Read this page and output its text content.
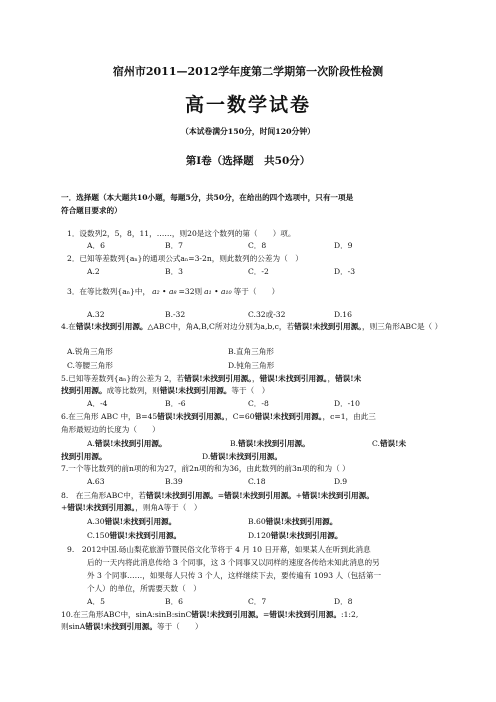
宿州市2011—2012学年度第二学期第一次阶段性检测
高一数学试卷
（本试卷满分150分，时间120分钟）
第Ⅰ卷（选择题　共50分）
一．选择题（本大题共10小题，每题5分，共50分，在给出的四个选项中，只有一项是
符合题目要求的）
1．设数列2，5，8，11，……，则20是这个数列的第（　　）项。
A．6	B．7	C．8	D．9
2．已知等差数列{aₙ}的通项公式aₙ=3-2n，则此数列的公差为（　）
A.2	B．3	C．-2	D．-3
3．在等比数列{aₙ}中， a₂ • a₈ =32则 a₁ • a₁₀ 等于（　　）
A.32	B.-32	C.32或-32	D.16
4.在错误!未找到引用源。△ABC中，角A,B,C所对边分别为a,b,c，若错误!未找到引用源。，则三角形ABC是（ ）
A.锐角三角形	B.直角三角形
C.等腰三角形	D.钝角三角形
5.已知等差数列{aₙ}的公差为 2，若错误!未找到引用源。，错误!未找到引用源。，错误!未
找到引用源。成等比数列，则错误!未找到引用源。等于（　）
A．-4	B．-6	C．-8	D．-10
6.在三角形 ABC 中，B=45错误!未找到引用源。，C=60错误!未找到引用源。，c=1，由此三
角形最短边的长度为（　　）
A.错误!未找到引用源。	B.错误!未找到引用源。	C.错误!未
找到引用源。	D.错误!未找到引用源。
7.一个等比数列的前n项的和为27，前2n项的和为36，由此数列的前3n项的和为（ ）
A.63	B.39	C.18	D.9
8.　在三角形ABC中，若错误!未找到引用源。=错误!未找到引用源。+错误!未找到引用源。
+错误!未找到引用源。，则角A等于（　）
A.30错误!未找到引用源。	B.60错误!未找到引用源。
C.150错误!未找到引用源。	D.120错误!未找到引用源。
9.　2012中国.砀山梨花旅游节暨民俗文化节将于 4 月 10 日开幕，如果某人在听到此消息
后的一天内将此消息传给 3 个同事，这 3 个同事又以同样的速度各传给未知此消息的另
外 3 个同事……，如果每人只传 3 个人，这样继续下去，要传遍有 1093 人（包括第一
个人）的单位，所需要天数（　）
A．5	B．6	C．7	D．8
10.在三角形ABC中，sinA:sinB:sinC错误!未找到引用源。=错误!未找到引用源。:1:2,
则sinA错误!未找到引用源。等于（　　）
